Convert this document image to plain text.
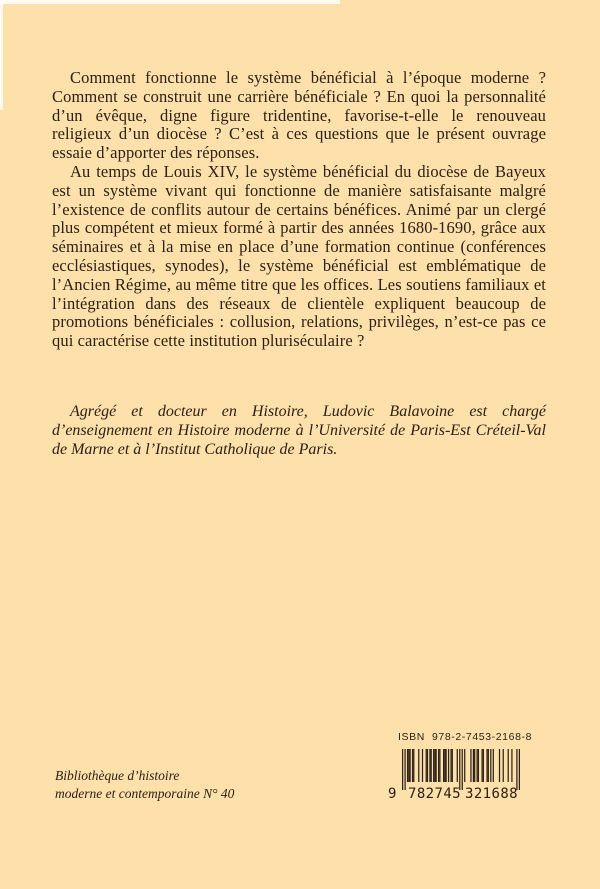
Comment fonctionne le système bénéficial à l’époque moderne ? Comment se construit une carrière bénéficiale ? En quoi la personnalité d’un évêque, digne figure tridentine, favorise-t-elle le renouveau religieux d’un diocèse ? C’est à ces questions que le présent ouvrage essaie d’apporter des réponses.

Au temps de Louis XIV, le système bénéficial du diocèse de Bayeux est un système vivant qui fonctionne de manière satisfaisante malgré l’existence de conflits autour de certains bénéfices. Animé par un clergé plus compétent et mieux formé à partir des années 1680-1690, grâce aux séminaires et à la mise en place d’une formation continue (conférences ecclésiastiques, synodes), le système bénéficial est emblématique de l’Ancien Régime, au même titre que les offices. Les soutiens familiaux et l’intégration dans des réseaux de clientèle expliquent beaucoup de promotions bénéficiales : collusion, relations, privilèges, n’est-ce pas ce qui caractérise cette institution pluriséculaire ?

Agrégé et docteur en Histoire, Ludovic Balavoine est chargé d’enseignement en Histoire moderne à l’Université de Paris-Est Créteil-Val de Marne et à l’Institut Catholique de Paris.

Bibliothèque d’histoire
moderne et contemporaine N° 40
ISBN  978-2-7453-2168-8
9 782745 321688
